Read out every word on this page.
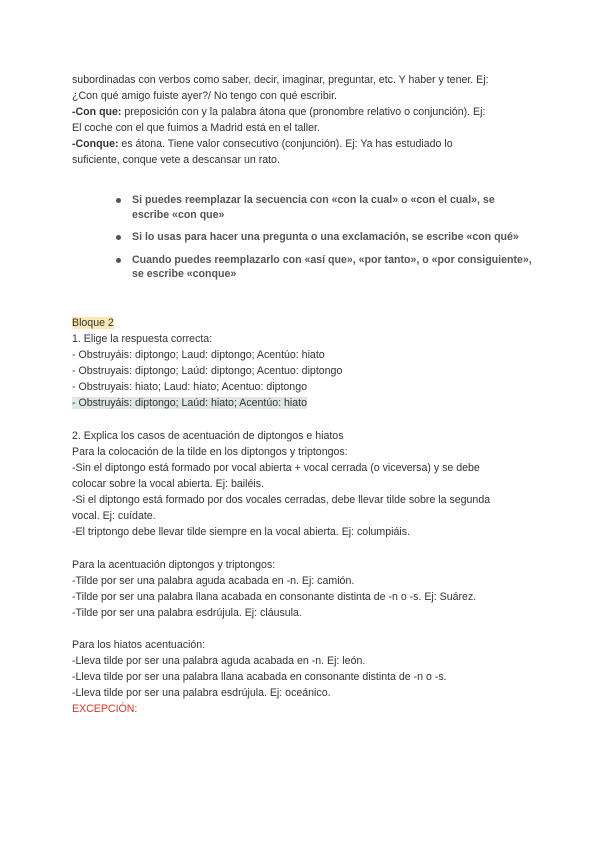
subordinadas con verbos como saber, decir, imaginar, preguntar, etc. Y haber y tener. Ej:
¿Con qué amigo fuiste ayer?/ No tengo con qué escribir.
-Con que: preposición con y la palabra átona que (pronombre relativo o conjunción). Ej:
El coche con el que fuimos a Madrid está en el taller.
-Conque: es átona. Tiene valor consecutivo (conjunción). Ej: Ya has estudiado lo
suficiente, conque vete a descansar un rato.
Si puedes reemplazar la secuencia con «con la cual» o «con el cual», se escribe «con que»
Si lo usas para hacer una pregunta o una exclamación, se escribe «con qué»
Cuando puedes reemplazarlo con «así que», «por tanto», o «por consiguiente», se escribe «conque»
Bloque 2
1. Elige la respuesta correcta:
- Obstruyáis: diptongo; Laud: diptongo; Acentúo: hiato
- Obstruyais: diptongo; Laúd: diptongo; Acentuo: diptongo
- Obstruyais: hiato; Laud: hiato; Acentuo: diptongo
- Obstruyáis: diptongo; Laúd: hiato; Acentúo: hiato
2. Explica los casos de acentuación de diptongos e hiatos
Para la colocación de la tilde en los diptongos y triptongos:
-Sin el diptongo está formado por vocal abierta + vocal cerrada (o viceversa) y se debe
colocar sobre la vocal abierta. Ej: bailéis.
-Si el diptongo está formado por dos vocales cerradas, debe llevar tilde sobre la segunda
vocal. Ej: cuídate.
-El triptongo debe llevar tilde siempre en la vocal abierta. Ej: columpiáis.
Para la acentuación diptongos y triptongos:
-Tilde por ser una palabra aguda acabada en -n. Ej: camión.
-Tilde por ser una palabra llana acabada en consonante distinta de -n o -s. Ej: Suárez.
-Tilde por ser una palabra esdrújula. Ej: cláusula.
Para los hiatos acentuación:
-Lleva tilde por ser una palabra aguda acabada en -n. Ej: león.
-Lleva tilde por ser una palabra llana acabada en consonante distinta de -n o -s.
-Lleva tilde por ser una palabra esdrújula. Ej: oceánico.
EXCEPCIÓN:
